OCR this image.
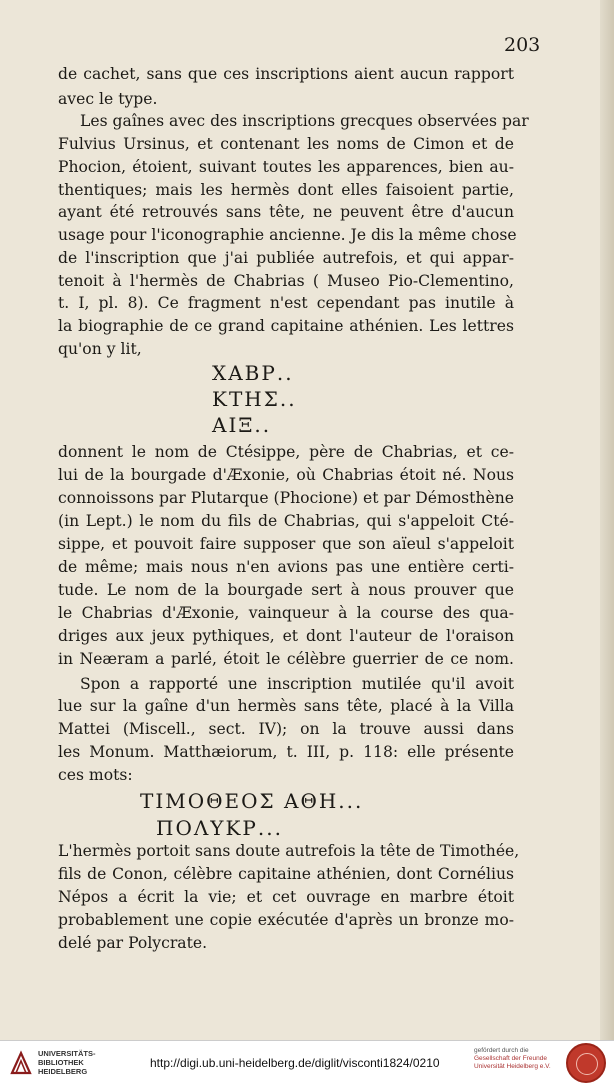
203
de cachet, sans que ces inscriptions aient aucun rapport
avec le type.
Les gaînes avec des inscriptions grecques observées par
Fulvius Ursinus, et contenant les noms de Cimon et de
Phocion, étoient, suivant toutes les apparences, bien au-
thentiques; mais les hermès dont elles faisoient partie,
ayant été retrouvés sans tête, ne peuvent être d'aucun
usage pour l'iconographie ancienne. Je dis la même chose
de l'inscription que j'ai publiée autrefois, et qui appar-
tenoit à l'hermès de Chabrias ( Museo Pio-Clementino,
t. I, pl. 8). Ce fragment n'est cependant pas inutile à
la biographie de ce grand capitaine athénien. Les lettres
qu'on y lit,
ΧΑΒΡ..
ΚΤΗΣ..
ΑΙΞ..
donnent le nom de Ctésippe, père de Chabrias, et ce-
lui de la bourgade d'Æxonie, où Chabrias étoit né. Nous
connoissons par Plutarque (Phocione) et par Démosthène
(in Lept.) le nom du fils de Chabrias, qui s'appeloit Cté-
sippe, et pouvoit faire supposer que son aïeul s'appeloit
de même; mais nous n'en avions pas une entière certi-
tude. Le nom de la bourgade sert à nous prouver que
le Chabrias d'Æxonie, vainqueur à la course des qua-
driges aux jeux pythiques, et dont l'auteur de l'oraison
in Neæram a parlé, étoit le célèbre guerrier de ce nom.
Spon a rapporté une inscription mutilée qu'il avoit
lue sur la gaîne d'un hermès sans tête, placé à la Villa
Mattei (Miscell., sect. IV); on la trouve aussi dans
les Monum. Matthæiorum, t. III, p. 118: elle présente
ces mots:
ΤΙΜΟΘΕΟΣ ΑΘΗ...
ΠΟΛΥΚΡ...
L'hermès portoit sans doute autrefois la tête de Timothée,
fils de Conon, célèbre capitaine athénien, dont Cornélius
Népos a écrit la vie; et cet ouvrage en marbre étoit
probablement une copie exécutée d'après un bronze mo-
delé par Polycrate.
UNIVERSITÄTS-
BIBLIOTHEK
HEIDELBERG
http://digi.ub.uni-heidelberg.de/diglit/visconti1824/0210
gefördert durch die
Gesellschaft der Freunde
Universität Heidelberg e.V.
